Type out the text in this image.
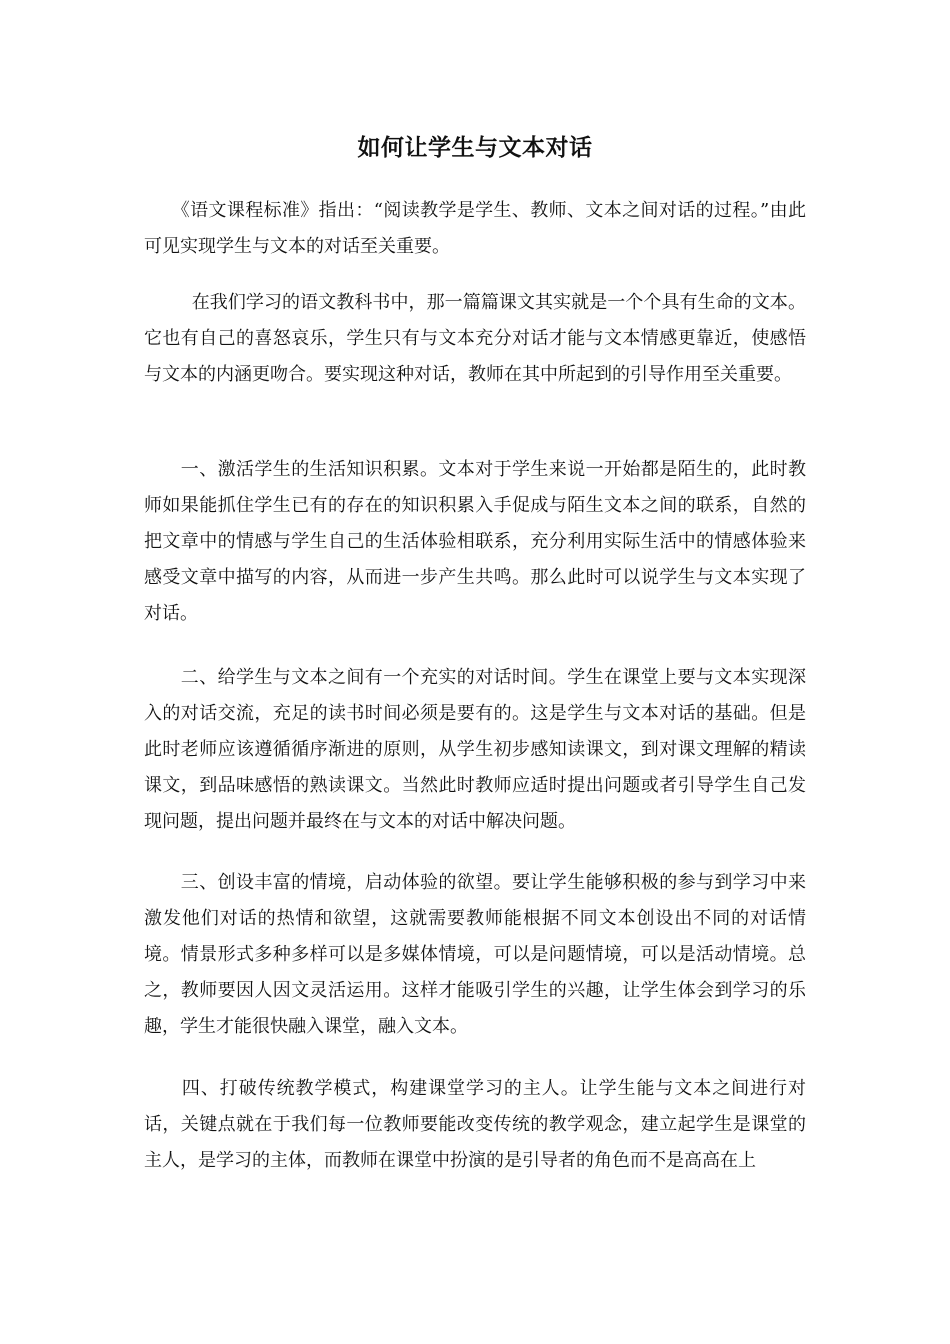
如何让学生与文本对话

　　《语文课程标准》指出：“阅读教学是学生、教师、文本之间对话的过程。”由此可见实现学生与文本的对话至关重要。

　　  在我们学习的语文教科书中，那一篇篇课文其实就是一个个具有生命的文本。它也有自己的喜怒哀乐，学生只有与文本充分对话才能与文本情感更靠近，使感悟与文本的内涵更吻合。要实现这种对话，教师在其中所起到的引导作用至关重要。

　　一、激活学生的生活知识积累。文本对于学生来说一开始都是陌生的，此时教师如果能抓住学生已有的存在的知识积累入手促成与陌生文本之间的联系，自然的把文章中的情感与学生自己的生活体验相联系，充分利用实际生活中的情感体验来感受文章中描写的内容，从而进一步产生共鸣。那么此时可以说学生与文本实现了对话。

　　二、给学生与文本之间有一个充实的对话时间。学生在课堂上要与文本实现深入的对话交流，充足的读书时间必须是要有的。这是学生与文本对话的基础。但是此时老师应该遵循循序渐进的原则，从学生初步感知读课文，到对课文理解的精读课文，到品味感悟的熟读课文。当然此时教师应适时提出问题或者引导学生自己发现问题，提出问题并最终在与文本的对话中解决问题。

　　三、创设丰富的情境，启动体验的欲望。要让学生能够积极的参与到学习中来激发他们对话的热情和欲望，这就需要教师能根据不同文本创设出不同的对话情境。情景形式多种多样可以是多媒体情境，可以是问题情境，可以是活动情境。总之，教师要因人因文灵活运用。这样才能吸引学生的兴趣，让学生体会到学习的乐趣，学生才能很快融入课堂，融入文本。

　　四、打破传统教学模式，构建课堂学习的主人。让学生能与文本之间进行对话，关键点就在于我们每一位教师要能改变传统的教学观念，建立起学生是课堂的主人，是学习的主体，而教师在课堂中扮演的是引导者的角色而不是高高在上
